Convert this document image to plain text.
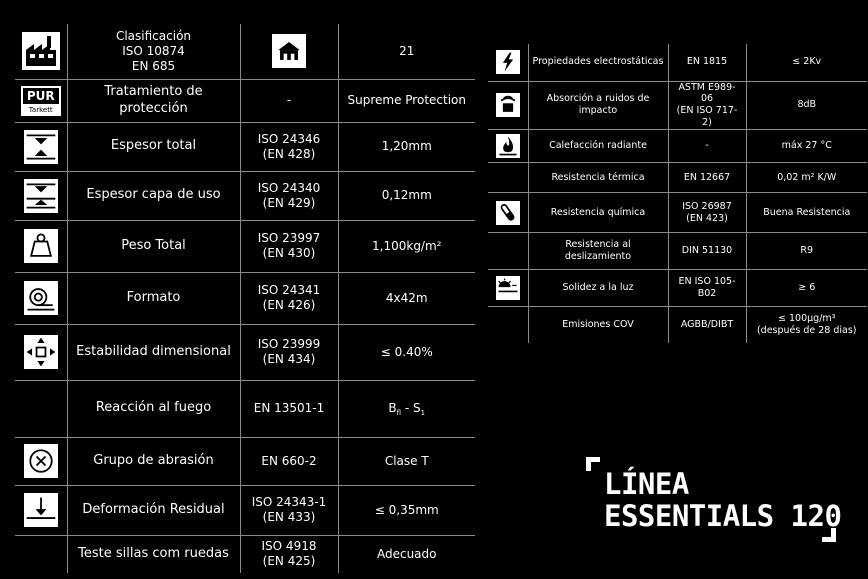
	Clasificación
ISO 10874
EN 685		21

PUR
Tarkett	Tratamiento de protección	-	Supreme Protection

	Espesor total	ISO 24346
(EN 428)	1,20mm

	Espesor capa de uso	ISO 24340
(EN 429)	0,12mm

	Peso Total	ISO 23997
(EN 430)	1,100kg/m²

	Formato	ISO 24341
(EN 426)	4x42m

	Estabilidad dimensional	ISO 23999
(EN 434)	≤ 0.40%
	Reacción al fuego	EN 13501-1	$B_{fl} - S_1$

	Grupo de abrasión	EN 660-2	Clase T

	Deformación Residual	ISO 24343-1
(EN 433)	≤ 0,35mm
	Teste sillas com ruedas	ISO 4918
(EN 425)	Adecuado
	Propiedades electrostáticas	EN 1815	≤ 2Kv

	Absorción a ruidos de
impacto	ASTM E989-06
(EN ISO 717-2)	8dB

	Calefacción radiante	-	máx 27 °C
	Resistencia térmica	EN 12667	0,02 m² K/W

	Resistencia química	ISO 26987
(EN 423)	Buena Resistencia
	Resistencia al
deslizamiento	DIN 51130	R9

	Solidez a la luz	EN ISO 105-B02	≥ 6
	Emisiones COV	AGBB/DIBT	≤ 100μg/m³
(después de 28 dias)
LÍNEA
ESSENTIALS 120
